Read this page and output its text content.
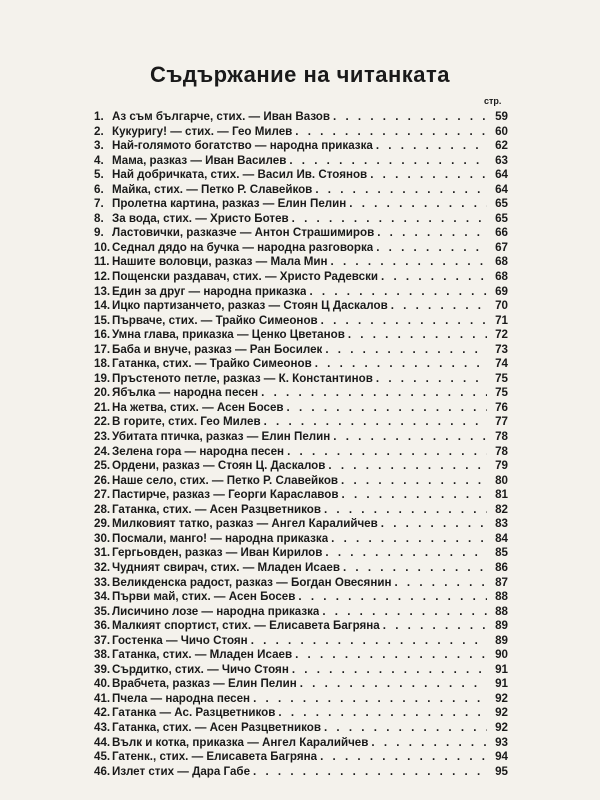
Съдържание на читанката
стр.
1. Аз съм българче, стих. — Иван Вазов . . .	59
2. Кукуригу! — стих. — Гео Милев . . .	60
3. Най-голямото богатство — народна приказка . . .	62
4. Мама, разказ — Иван Василев . . .	63
5. Най добричката, стих. — Васил Ив. Стоянов . . .	64
6. Майка, стих. — Петко Р. Славейков . . .	64
7. Пролетна картина, разказ — Елин Пелин . . .	65
8. За вода, стих. — Христо Ботев . . .	65
9. Ластовички, разказче — Антон Страшимиров . . .	66
10. Седнал дядо на бучка — народна разговорка . . .	67
11. Нашите воловци, разказ — Мала Мин . . .	68
12. Пощенски раздавач, стих. — Христо Радевски . . .	68
13. Един за друг — народна приказка . . .	69
14. Ицко партизанчето, разказ — Стоян Ц Даскалов . . .	70
15. Първаче, стих. — Трайко Симеонов . . .	71
16. Умна глава, приказка — Ценко Цветанов . . .	72
17. Баба и внуче, разказ — Ран Босилек . . .	73
18. Гатанка, стих. — Трайко Симеонов . . .	74
19. Пръстеното петле, разказ — К. Константинов . . .	75
20. Ябълка — народна песен . . .	75
21. На жетва, стих. — Асен Босев . . .	76
22. В горите, стих. Гео Милев . . .	77
23. Убитата птичка, разказ — Елин Пелин . . .	78
24. Зелена гора — народна песен . . .	78
25. Ордени, разказ — Стоян Ц. Даскалов . . .	79
26. Наше село, стих. — Петко Р. Славейков . . .	80
27. Пастирче, разказ — Георги Караславов . . .	81
28. Гатанка, стих. — Асен Разцветников . . .	82
29. Милковият татко, разказ — Ангел Каралийчев . . .	83
30. Посмали, манго! — народна приказка . . .	84
31. Гергьовден, разказ — Иван Кирилов . . .	85
32. Чудният свирач, стих. — Младен Исаев . . .	86
33. Великденска радост, разказ — Богдан Овесянин . . .	87
34. Първи май, стих. — Асен Босев . . .	88
35. Лисичино лозе — народна приказка . . .	88
36. Малкият спортист, стих. — Елисавета Багряна . . .	89
37. Гостенка — Чичо Стоян . . .	89
38. Гатанка, стих. — Младен Исаев . . .	90
39. Сърдитко, стих. — Чичо Стоян . . .	91
40. Врабчета, разказ — Елин Пелин . . .	91
41. Пчела — народна песен . . .	92
42. Гатанка — Ас. Разцветников . . .	92
43. Гатанка, стих. — Асен Разцветников . . .	92
44. Вълк и котка, приказка — Ангел Каралийчев . . .	93
45. Гатенк., стих. — Елисавета Багряна . . .	94
46. Излет стих — Дара Габе . . .	95
